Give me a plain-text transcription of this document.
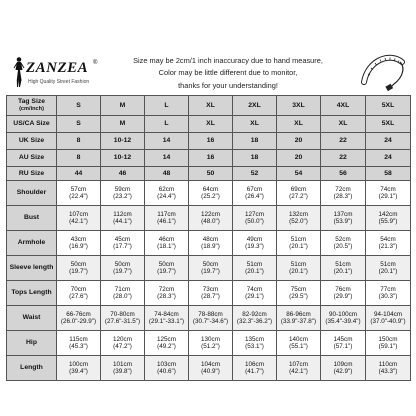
ZANZEA ®
High Quality Street Fashion
Size may be 2cm/1 inch inaccuracy due to hand measure,
Color may be little different due to monitor,
thanks for your understanding!
Tag Size
(cm/inch)	S	M	L	XL	2XL	3XL	4XL	5XL

US/CA Size	S	M	L	XL	XL	XL	XL	5XL

UK Size	8	10-12	14	16	18	20	22	24

AU Size	8	10-12	14	16	18	20	22	24

RU Size	44	46	48	50	52	54	56	58
Shoulder	57cm
(22.4")	59cm
(23.2")	62cm
(24.4")	64cm
(25.2")	67cm
(26.4")	69cm
(27.2")	72cm
(28.3")	74cm
(29.1")

Bust	107cm
(42.1")	112cm
(44.1")	117cm
(46.1")	122cm
(48.0")	127cm
(50.0")	132cm
(52.0")	137cm
(53.9")	142cm
(55.9")

Armhole	43cm
(16.9")	45cm
(17.7")	46cm
(18.1")	48cm
(18.9")	49cm
(19.3")	51cm
(20.1")	52cm
(20.5")	54cm
(21.3")

Sleeve length	50cm
(19.7")	50cm
(19.7")	50cm
(19.7")	50cm
(19.7")	51cm
(20.1")	51cm
(20.1")	51cm
(20.1")	51cm
(20.1")

Tops Length	70cm
(27.6")	71cm
(28.0")	72cm
(28.3")	73cm
(28.7")	74cm
(29.1")	75cm
(29.5")	76cm
(29.9")	77cm
(30.3")

Waist	66-76cm
(26.0"-29.9")	70-80cm
(27.6"-31.5")	74-84cm
(29.1"-33.1")	78-88cm
(30.7"-34.6")	82-92cm
(32.3"-36.2")	86-96cm
(33.9"-37.8")	90-100cm
(35.4"-39.4")	94-104cm
(37.0"-40.9")

Hip	115cm
(45.3")	120cm
(47.2")	125cm
(49.2")	130cm
(51.2")	135cm
(53.1")	140cm
(55.1")	145cm
(57.1")	150cm
(59.1")

Length	100cm
(39.4")	101cm
(39.8")	103cm
(40.6")	104cm
(40.9")	106cm
(41.7")	107cm
(42.1")	109cm
(42.9")	110cm
(43.3")
